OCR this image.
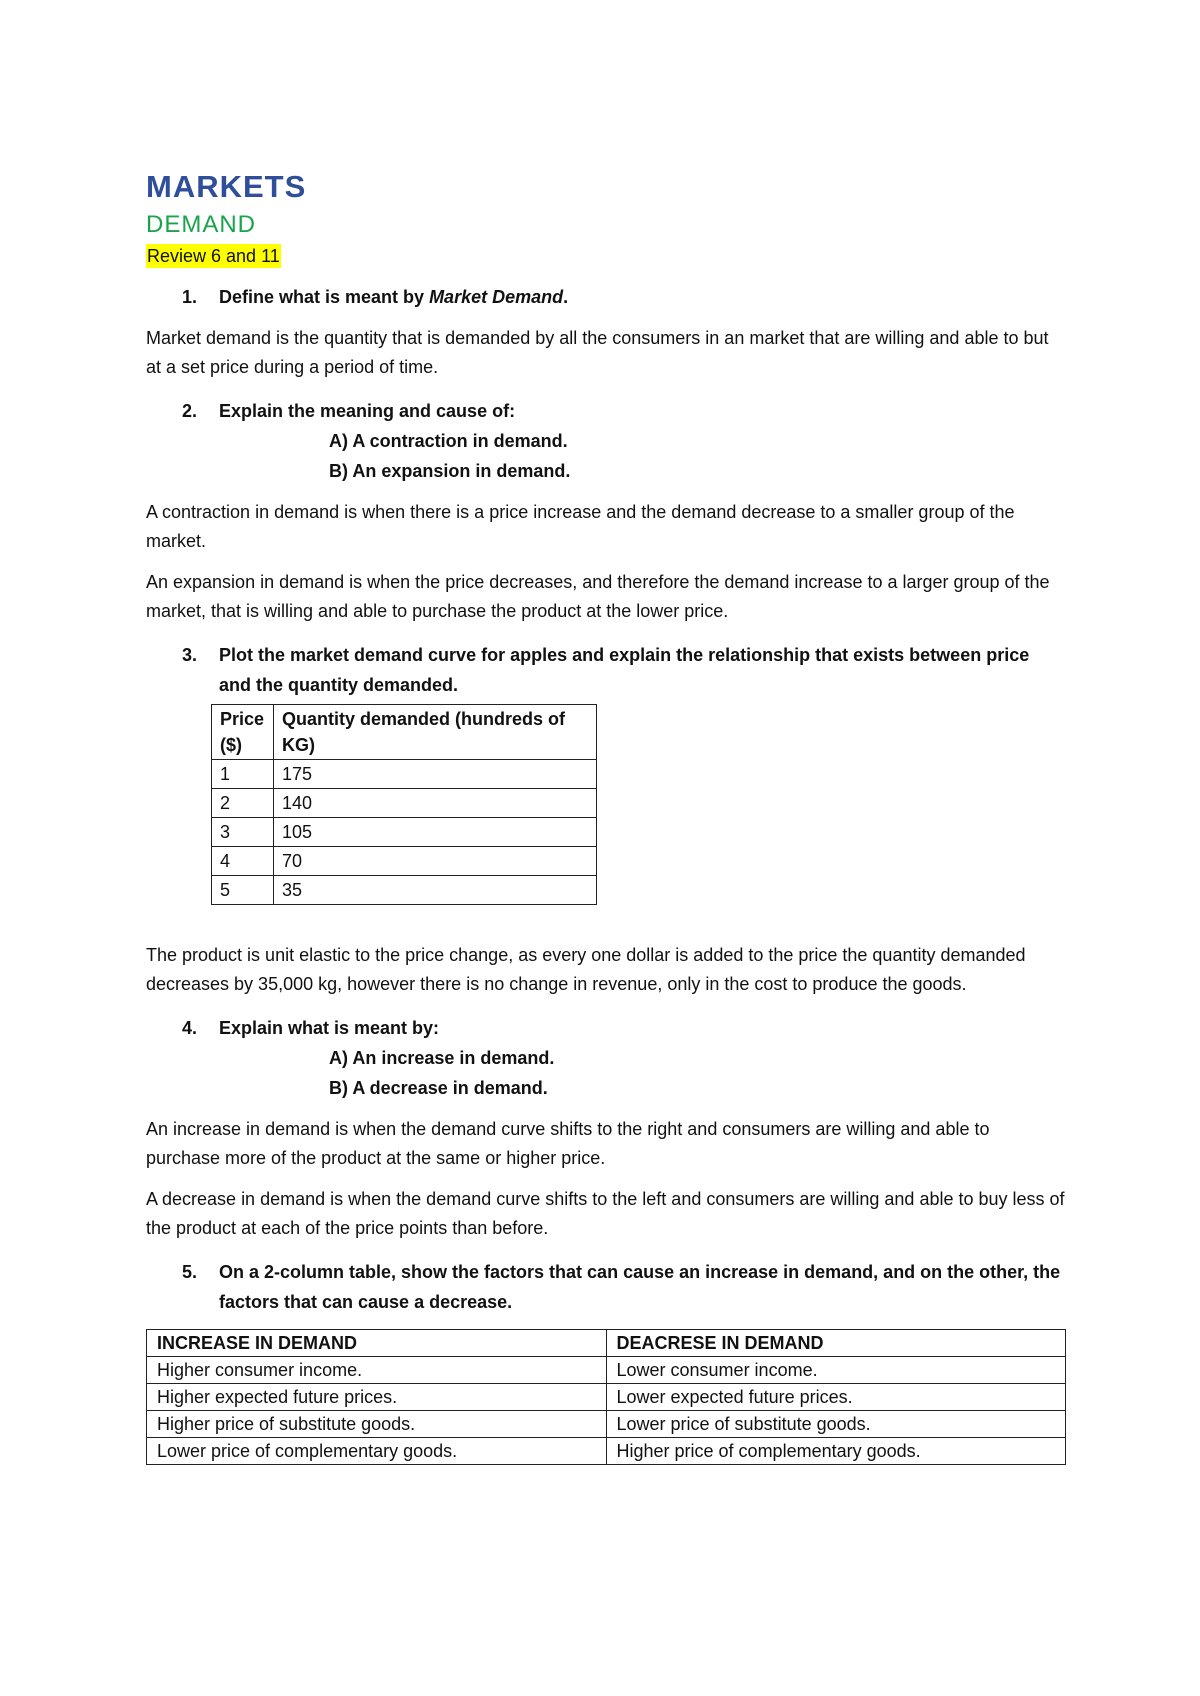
MARKETS
DEMAND
Review 6 and 11
1. Define what is meant by Market Demand.

Market demand is the quantity that is demanded by all the consumers in an market that are willing and able to but at a set price during a period of time.

2. Explain the meaning and cause of:
A) A contraction in demand.
B) An expansion in demand.

A contraction in demand is when there is a price increase and the demand decrease to a smaller group of the market.

An expansion in demand is when the price decreases, and therefore the demand increase to a larger group of the market, that is willing and able to purchase the product at the lower price.

3. Plot the market demand curve for apples and explain the relationship that exists between price and the quantity demanded.
Price ($)	Quantity demanded (hundreds of KG)
1	175
2	140
3	105
4	70
5	35

The product is unit elastic to the price change, as every one dollar is added to the price the quantity demanded decreases by 35,000 kg, however there is no change in revenue, only in the cost to produce the goods.

4. Explain what is meant by:
A) An increase in demand.
B) A decrease in demand.

An increase in demand is when the demand curve shifts to the right and consumers are willing and able to purchase more of the product at the same or higher price.

A decrease in demand is when the demand curve shifts to the left and consumers are willing and able to buy less of the product at each of the price points than before.

5. On a 2-column table, show the factors that can cause an increase in demand, and on the other, the factors that can cause a decrease.
INCREASE IN DEMAND	DEACRESE IN DEMAND
Higher consumer income.	Lower consumer income.
Higher expected future prices.	Lower expected future prices.
Higher price of substitute goods.	Lower price of substitute goods.
Lower price of complementary goods.	Higher price of complementary goods.
